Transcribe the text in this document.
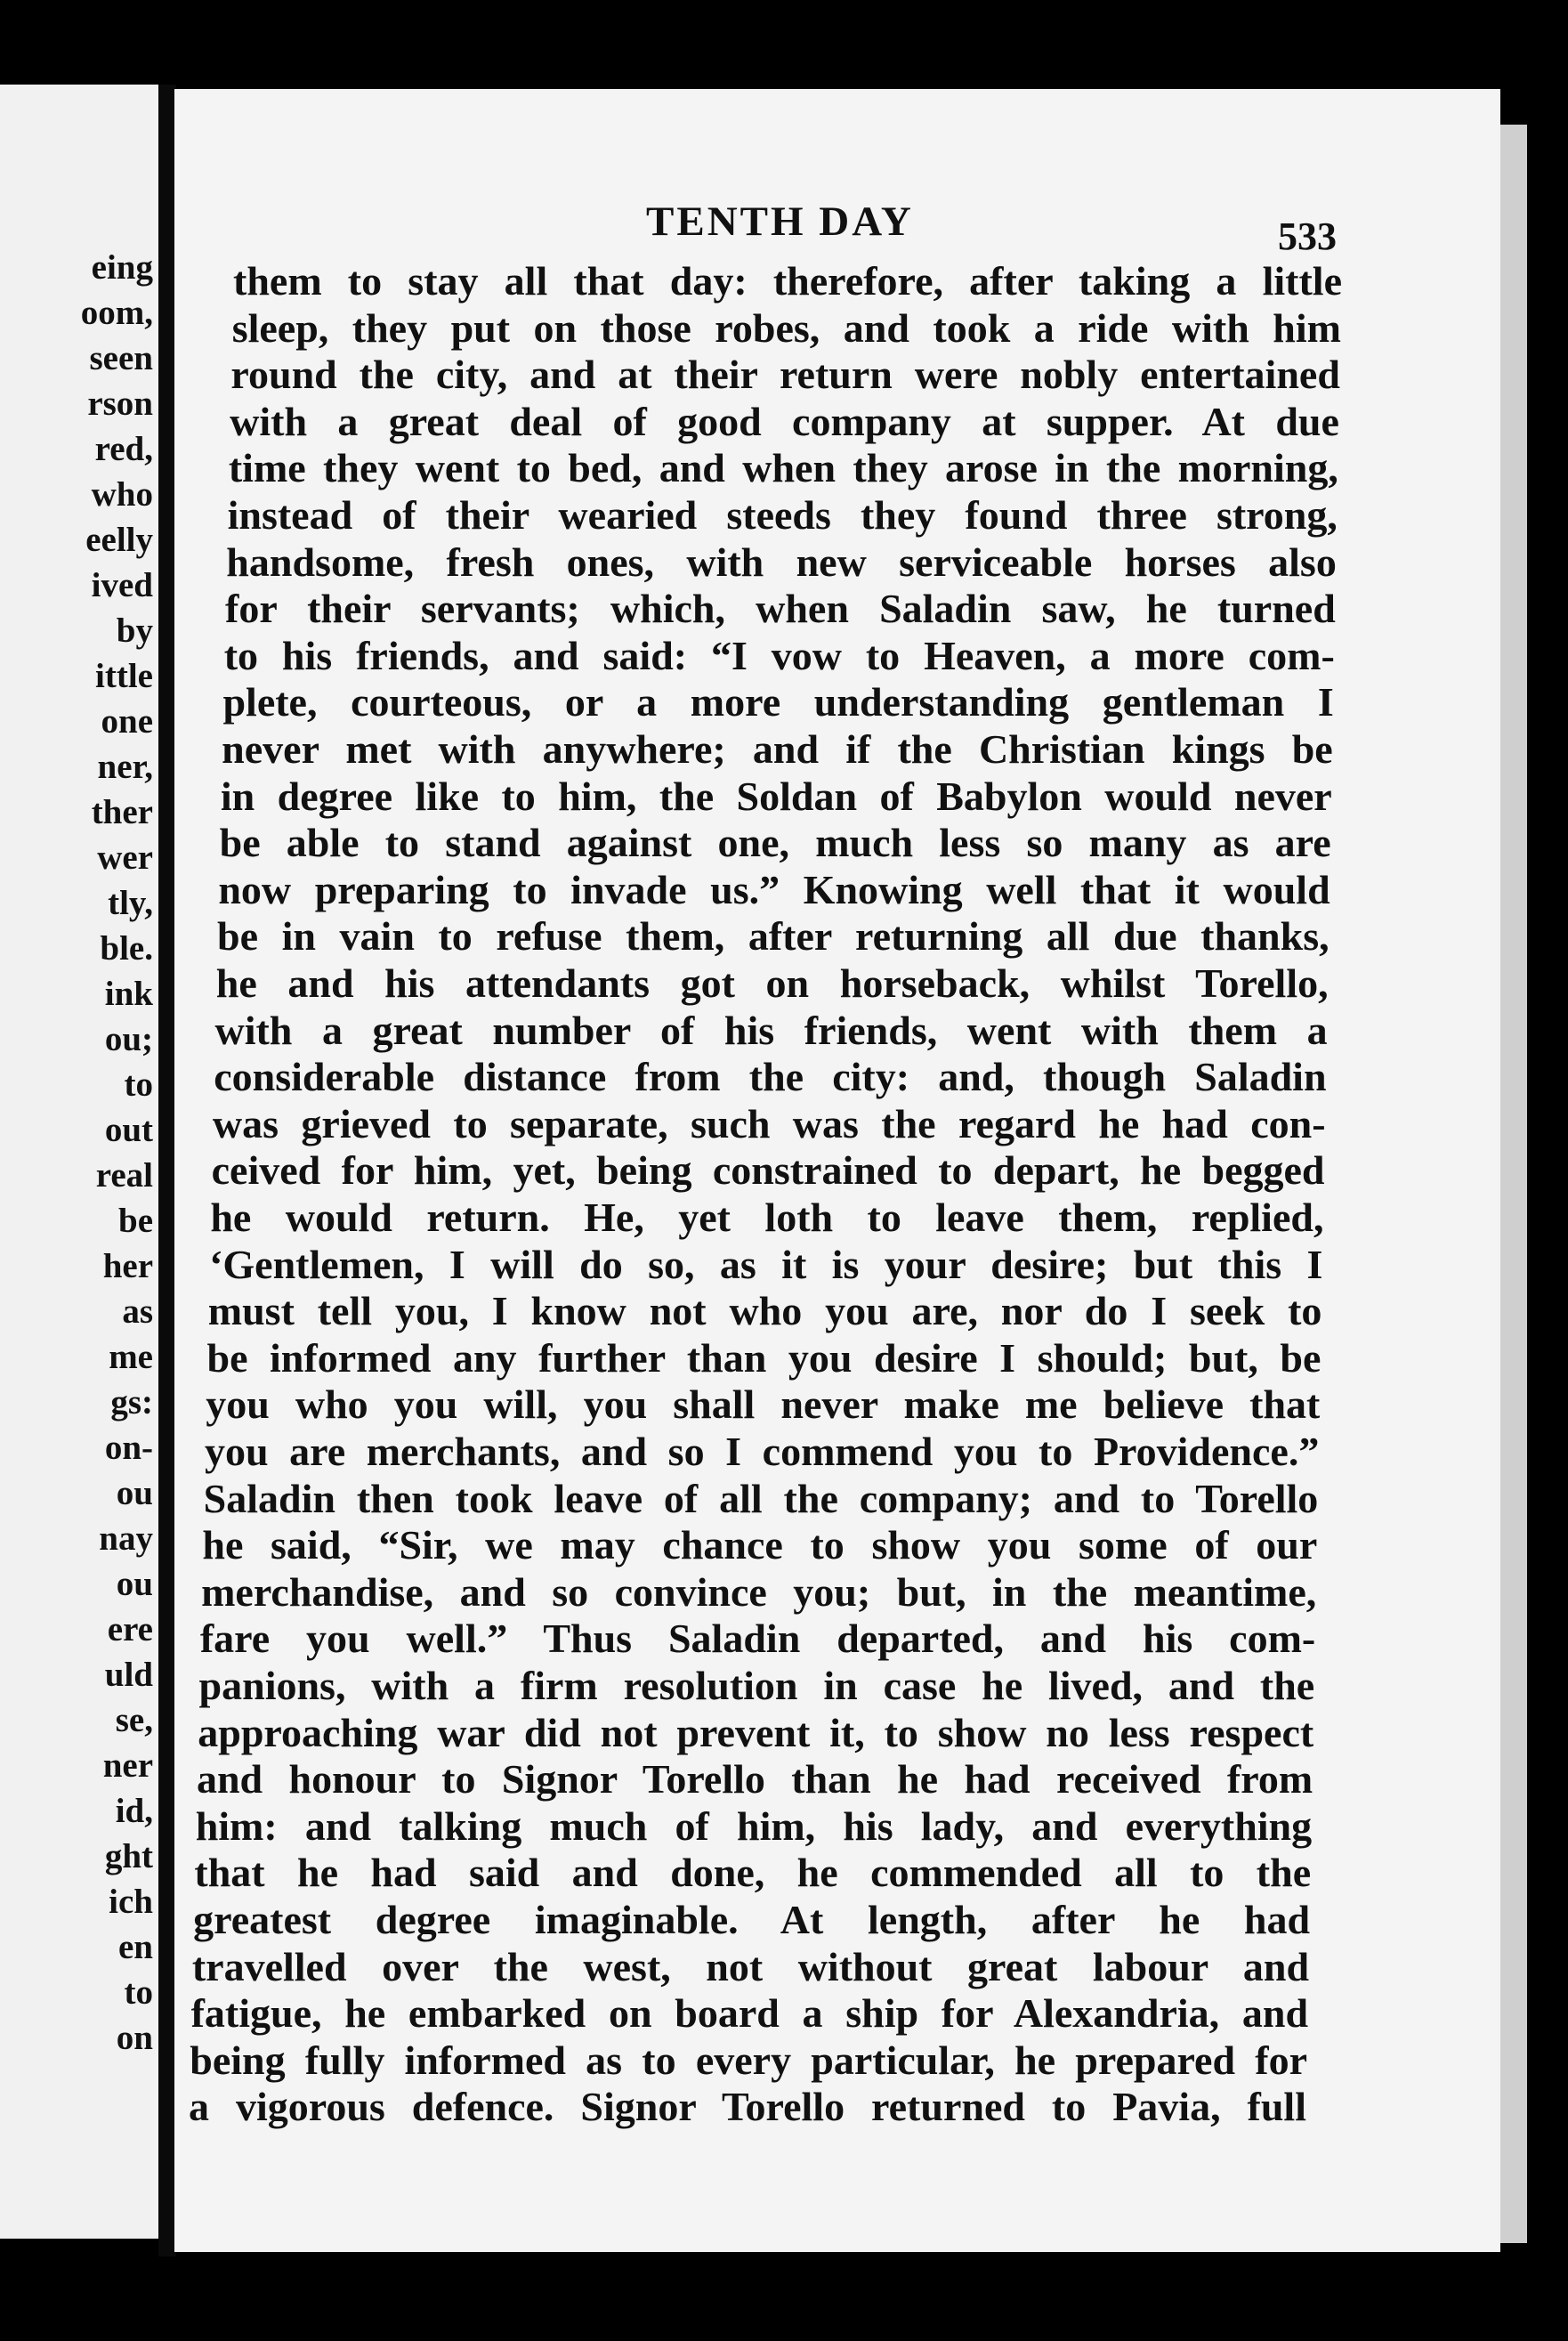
eing
oom,
seen
rson
red,
who
eelly
ived
by
ittle
one
ner,
ther
wer
tly,
ble.
ink
ou;
to
out
real
be
her
as
me
gs:
on-
ou
nay
ou
ere
uld
se,
ner
id,
ght
ich
en
to
on
TENTH DAY	533
them to stay all that day: therefore, after taking a little
sleep, they put on those robes, and took a ride with him
round the city, and at their return were nobly entertained
with a great deal of good company at supper. At due
time they went to bed, and when they arose in the morning,
instead of their wearied steeds they found three strong,
handsome, fresh ones, with new serviceable horses also
for their servants; which, when Saladin saw, he turned
to his friends, and said: “I vow to Heaven, a more com-
plete, courteous, or a more understanding gentleman I
never met with anywhere; and if the Christian kings be
in degree like to him, the Soldan of Babylon would never
be able to stand against one, much less so many as are
now preparing to invade us.” Knowing well that it would
be in vain to refuse them, after returning all due thanks,
he and his attendants got on horseback, whilst Torello,
with a great number of his friends, went with them a
considerable distance from the city: and, though Saladin
was grieved to separate, such was the regard he had con-
ceived for him, yet, being constrained to depart, he begged
he would return. He, yet loth to leave them, replied,
‘Gentlemen, I will do so, as it is your desire; but this I
must tell you, I know not who you are, nor do I seek to
be informed any further than you desire I should; but, be
you who you will, you shall never make me believe that
you are merchants, and so I commend you to Providence.”
Saladin then took leave of all the company; and to Torello
he said, “Sir, we may chance to show you some of our
merchandise, and so convince you; but, in the meantime,
fare you well.” Thus Saladin departed, and his com-
panions, with a firm resolution in case he lived, and the
approaching war did not prevent it, to show no less respect
and honour to Signor Torello than he had received from
him: and talking much of him, his lady, and everything
that he had said and done, he commended all to the
greatest degree imaginable. At length, after he had
travelled over the west, not without great labour and
fatigue, he embarked on board a ship for Alexandria, and
being fully informed as to every particular, he prepared for
a vigorous defence. Signor Torello returned to Pavia, full
